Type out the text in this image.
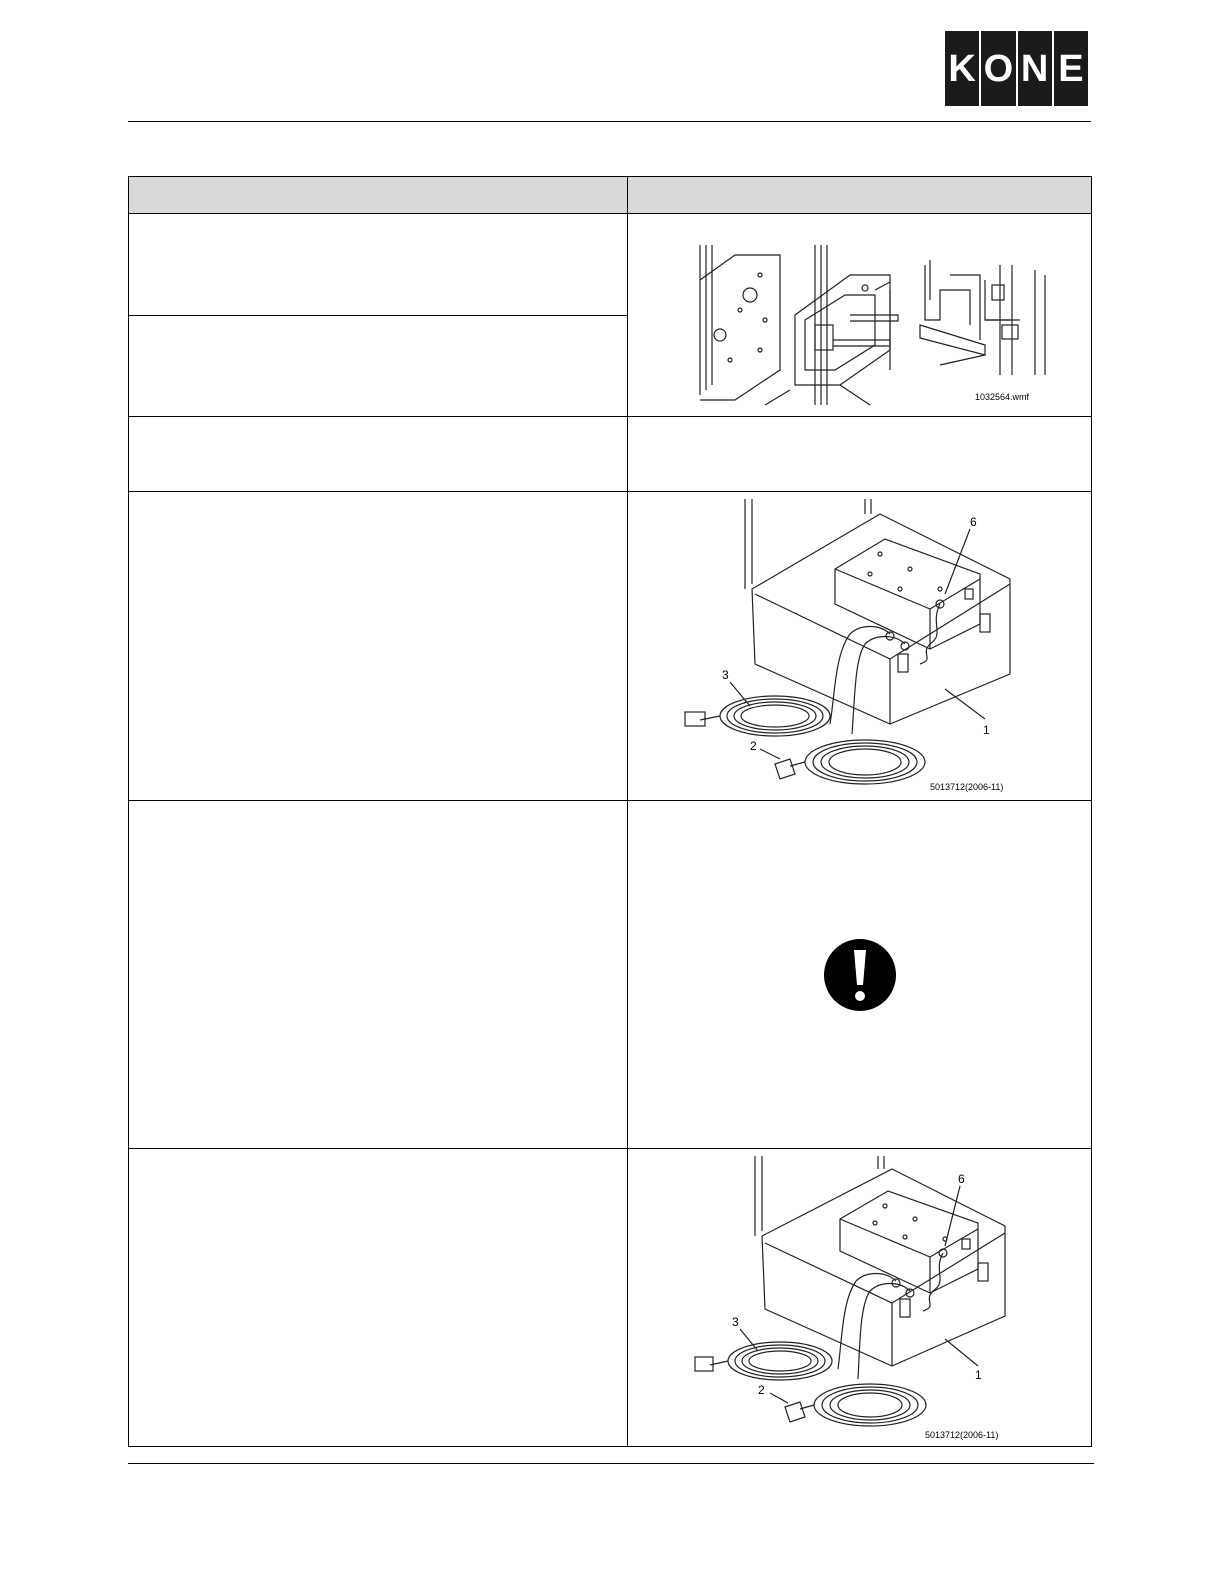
K O N E

1032564.wmf

6
3
2
1
5013712(2006-11)

6
3
2
1
5013712(2006-11)
